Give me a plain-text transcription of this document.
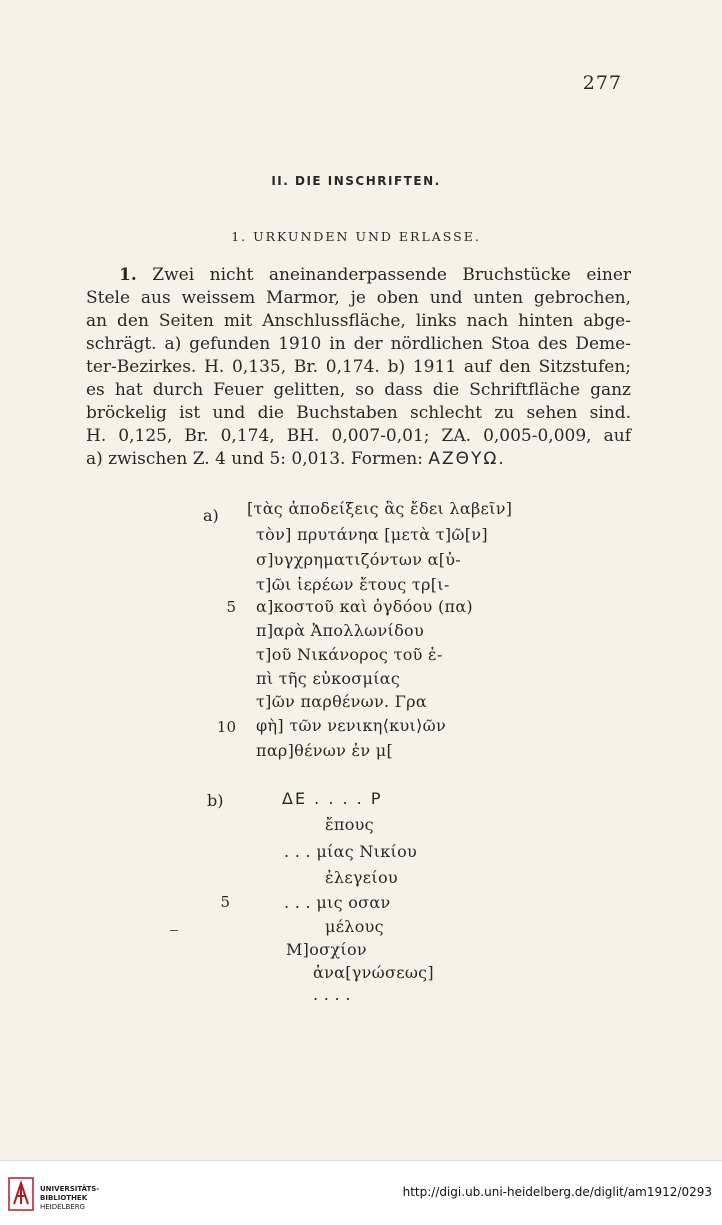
277
II. DIE INSCHRIFTEN.
1. URKUNDEN UND ERLASSE.
1. Zwei nicht aneinanderpassende Bruchstücke einer
Stele aus weissem Marmor, je oben und unten gebrochen,
an den Seiten mit Anschlussfläche, links nach hinten abge-
schrägt. a) gefunden 1910 in der nördlichen Stoa des Deme-
ter-Bezirkes. H. 0,135, Br. 0,174. b) 1911 auf den Sitzstufen;
es hat durch Feuer gelitten, so dass die Schriftfläche ganz
bröckelig ist und die Buchstaben schlecht zu sehen sind.
H. 0,125, Br. 0,174, BH. 0,007-0,01; ZA. 0,005-0,009, auf
a) zwischen Z. 4 und 5: 0,013. Formen: ΑΖΘΥΩ.
a) [τὰς ἀποδείξεις ἃς ἔδει λαβεῖν]
τὸν] πρυτάνηα [μετὰ τ]ῶ[ν]
σ]υγχρηματιζόντων α[ὐ-
τ]ῶι ἱερέων ἔτους τρ[ι-
5 α]κοστοῦ καὶ ὀγδόου (πα)
π]αρὰ Ἀπολλωνίδου
τ]οῦ Νικάνορος τοῦ ἐ-
πὶ τῆς εὐκοσμίας
τ]ῶν παρθένων. Γρα
10 φὴ] τῶν νενικη⟨κυι⟩ῶν
παρ]θένων ἐν μ[
b)	ΔΕ . . . . Ρ
ἔπους
. . . μίας Νικίου
ἐλεγείου
5	. . . μις οσαν
μέλους
Μ]οσχίον
ἀνα[γνώσεως]
. . . .
UNIVERSITÄTS-
BIBLIOTHEK
HEIDELBERG
http://digi.ub.uni-heidelberg.de/diglit/am1912/0293
